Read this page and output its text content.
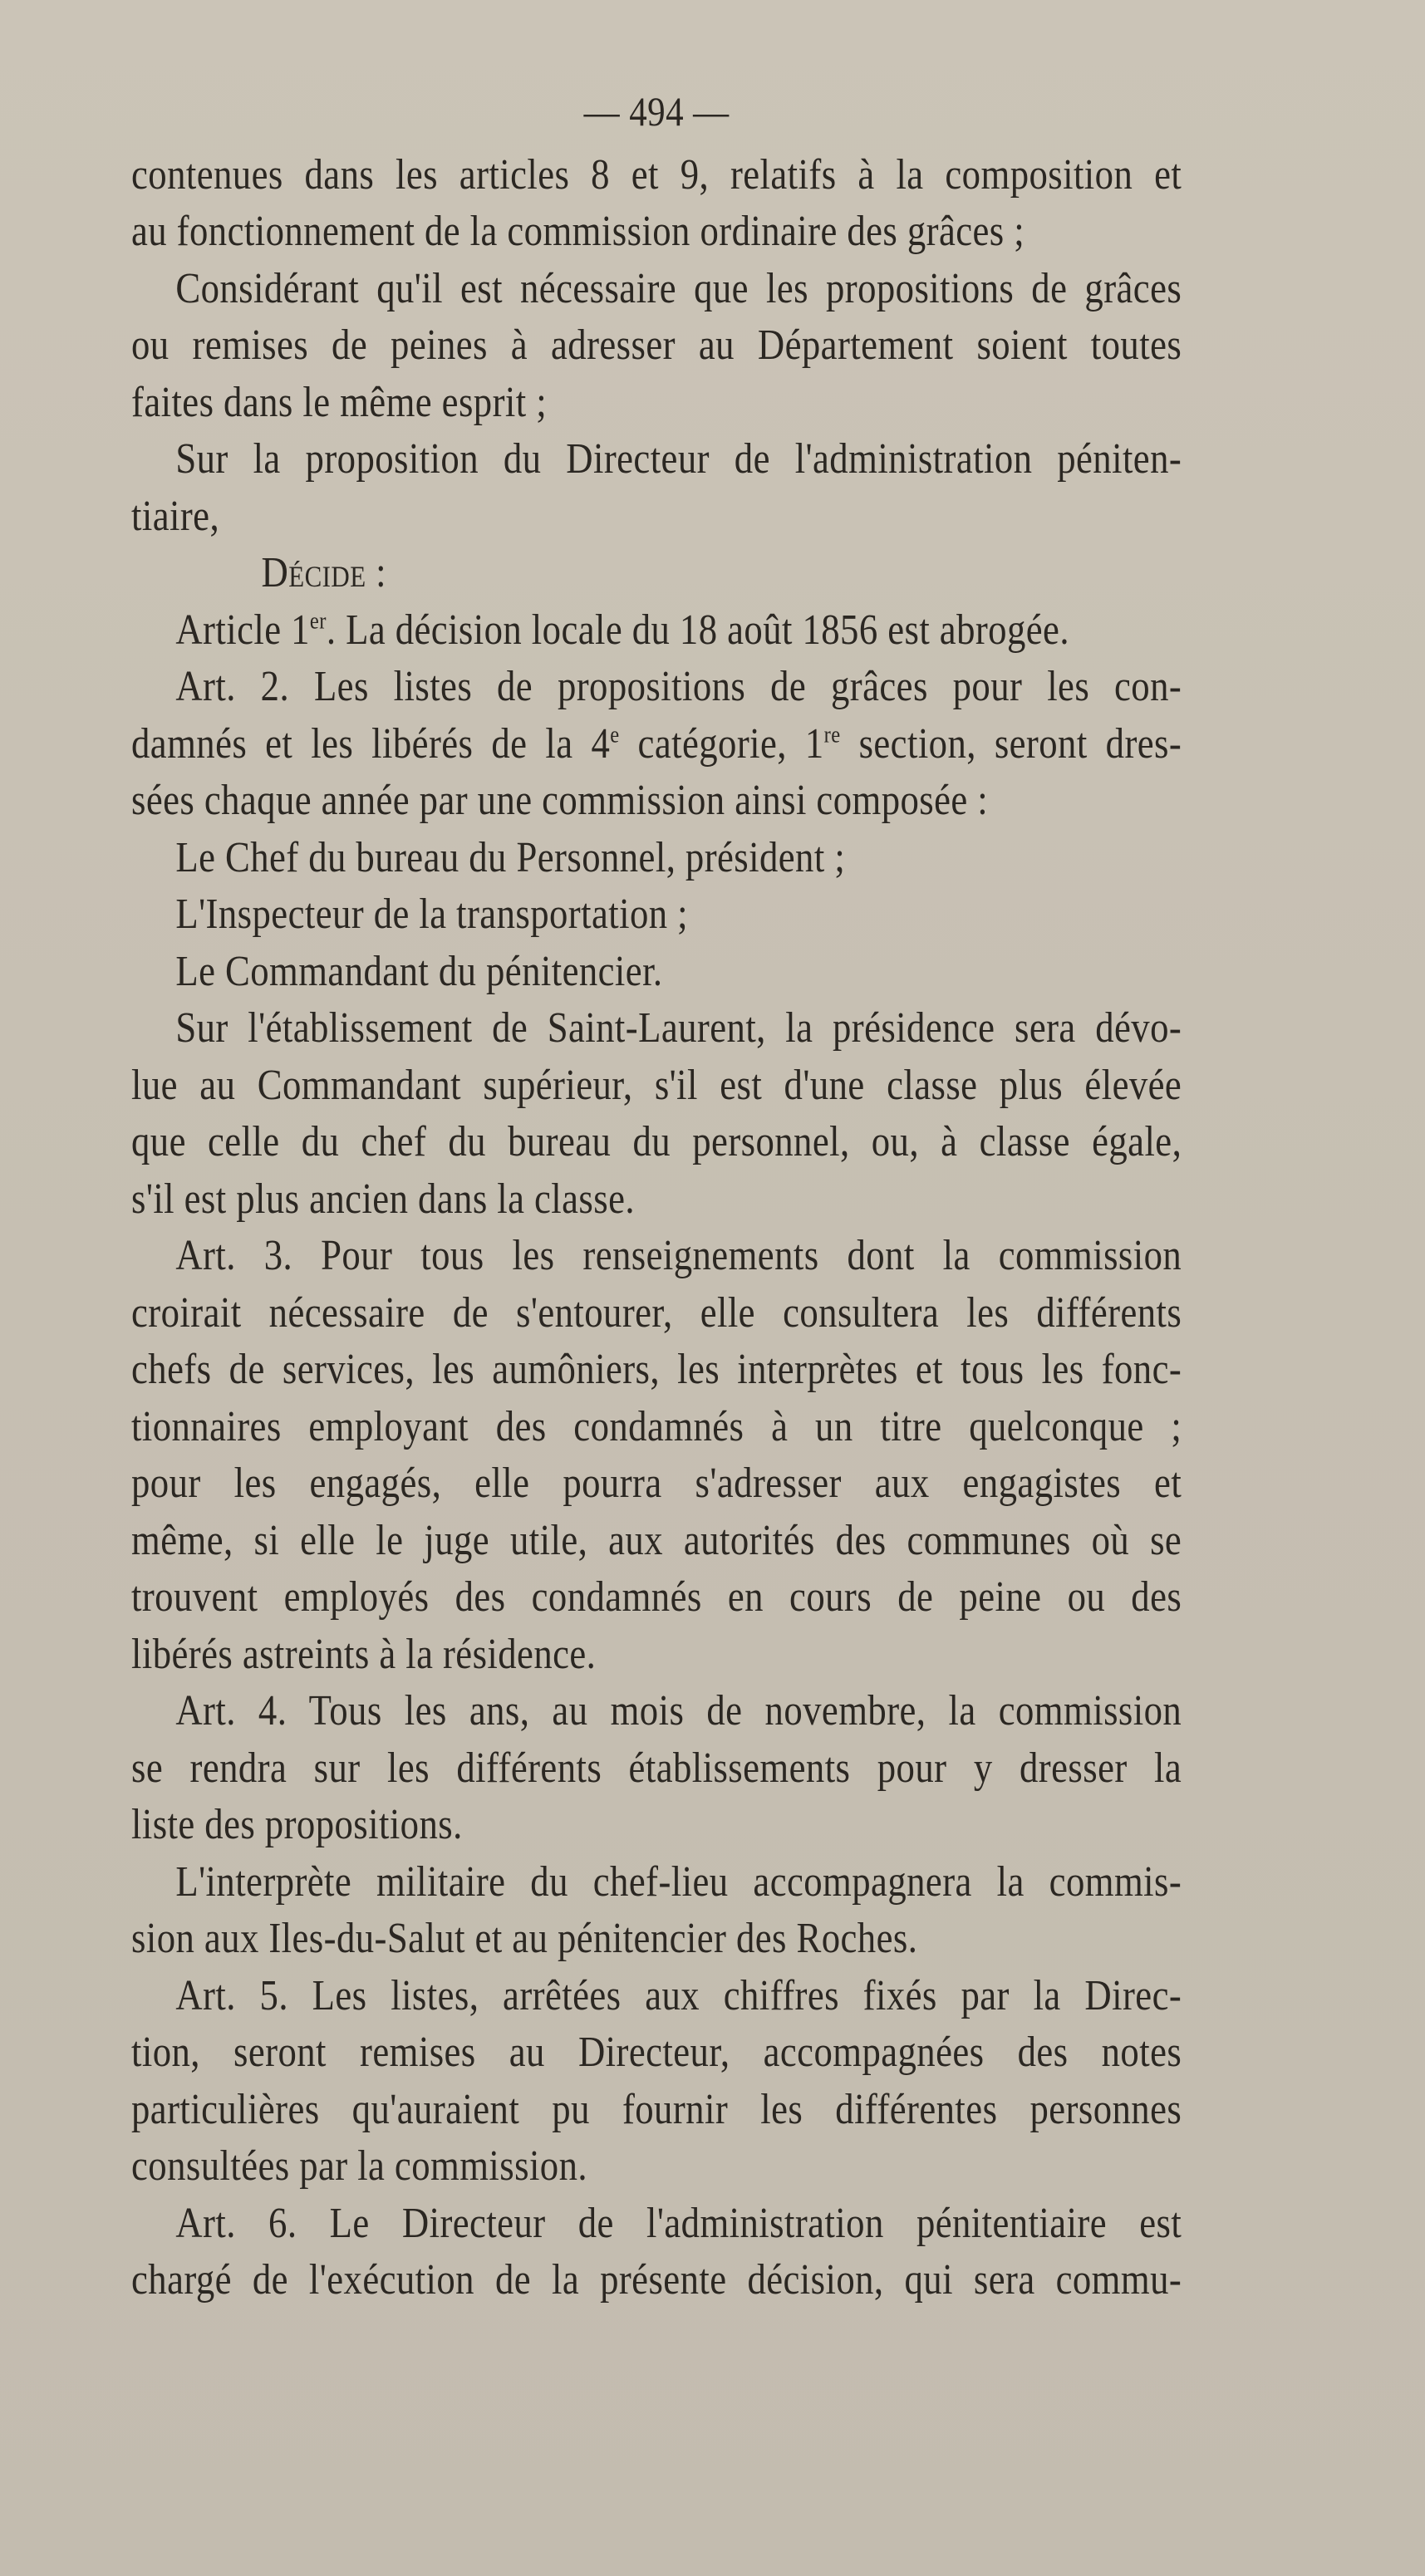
— 494 —
contenues dans les articles 8 et 9, relatifs à la composition et
au fonctionnement de la commission ordinaire des grâces ;
Considérant qu'il est nécessaire que les propositions de grâces
ou remises de peines à adresser au Département soient toutes
faites dans le même esprit ;
Sur la proposition du Directeur de l'administration péniten-
tiaire,
Décide :
Article 1er. La décision locale du 18 août 1856 est abrogée.
Art. 2. Les listes de propositions de grâces pour les con-
damnés et les libérés de la 4e catégorie, 1re section, seront dres-
sées chaque année par une commission ainsi composée :
Le Chef du bureau du Personnel, président ;
L'Inspecteur de la transportation ;
Le Commandant du pénitencier.
Sur l'établissement de Saint-Laurent, la présidence sera dévo-
lue au Commandant supérieur, s'il est d'une classe plus élevée
que celle du chef du bureau du personnel, ou, à classe égale,
s'il est plus ancien dans la classe.
Art. 3. Pour tous les renseignements dont la commission
croirait nécessaire de s'entourer, elle consultera les différents
chefs de services, les aumôniers, les interprètes et tous les fonc-
tionnaires employant des condamnés à un titre quelconque ;
pour les engagés, elle pourra s'adresser aux engagistes et
même, si elle le juge utile, aux autorités des communes où se
trouvent employés des condamnés en cours de peine ou des
libérés astreints à la résidence.
Art. 4. Tous les ans, au mois de novembre, la commission
se rendra sur les différents établissements pour y dresser la
liste des propositions.
L'interprète militaire du chef-lieu accompagnera la commis-
sion aux Iles-du-Salut et au pénitencier des Roches.
Art. 5. Les listes, arrêtées aux chiffres fixés par la Direc-
tion, seront remises au Directeur, accompagnées des notes
particulières qu'auraient pu fournir les différentes personnes
consultées par la commission.
Art. 6. Le Directeur de l'administration pénitentiaire est
chargé de l'exécution de la présente décision, qui sera commu-
